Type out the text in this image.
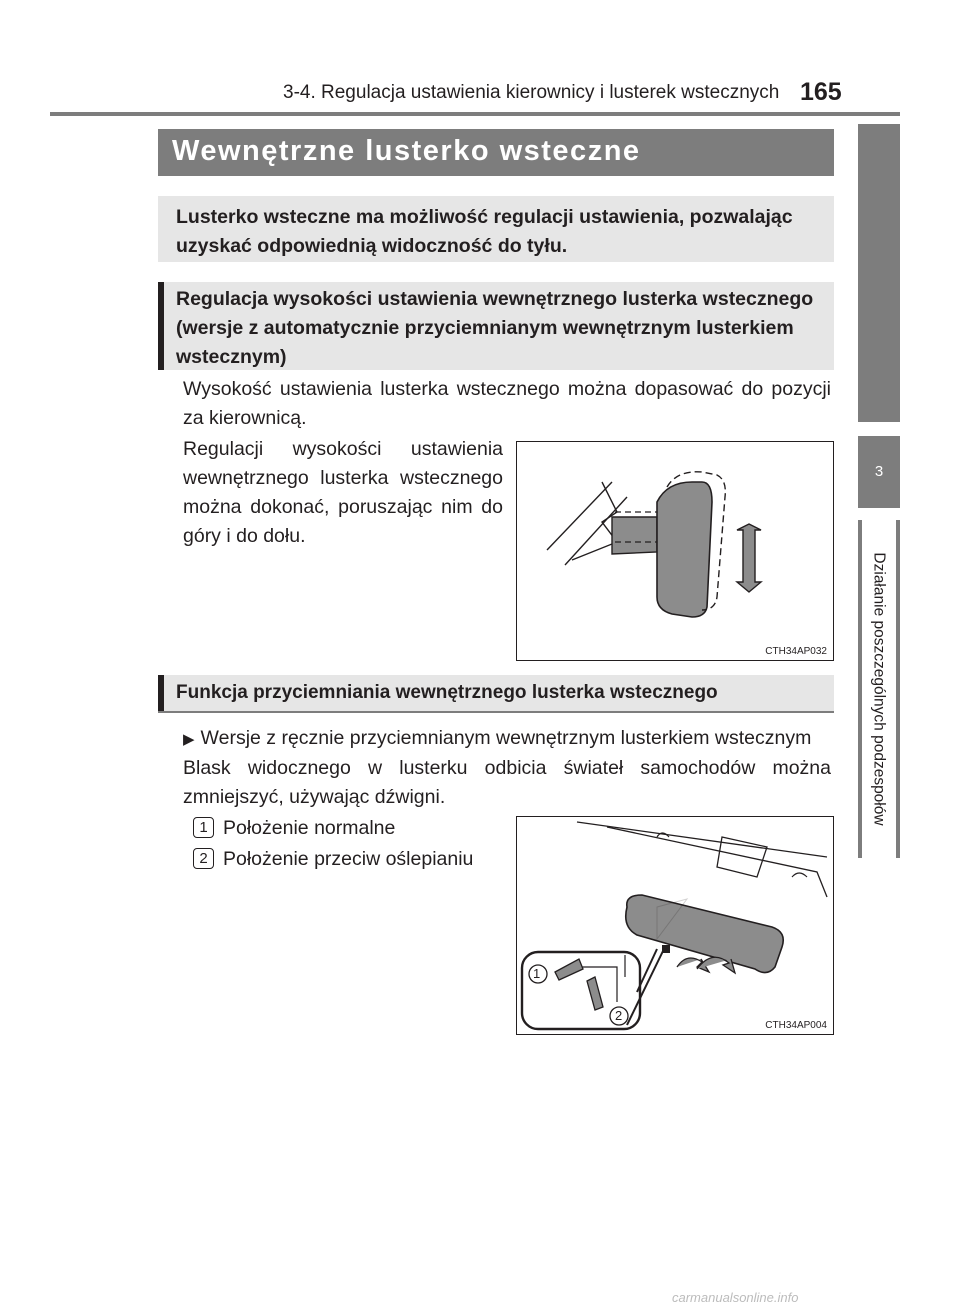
3-4. Regulacja ustawienia kierownicy i lusterek wstecznych 165
3
Działanie poszczególnych podzespołów
Wewnętrzne lusterko wsteczne

Lusterko wsteczne ma możliwość regulacji ustawienia, pozwalając uzyskać odpowiednią widoczność do tyłu.

Regulacja wysokości ustawienia wewnętrznego lusterka wstecznego (wersje z automatycznie przyciemnianym wewnętrznym lusterkiem wstecznym)

Wysokość ustawienia lusterka wstecznego można dopasować do pozycji za kierownicą.

Regulacji wysokości ustawienia wewnętrznego lusterka wstecznego można dokonać, poruszając nim do góry i do dołu.

CTH34AP032

Funkcja przyciemniania wewnętrznego lusterka wstecznego

▶ Wersje z ręcznie przyciemnianym wewnętrznym lusterkiem wstecznym

Blask widocznego w lusterku odbicia świateł samochodów można zmniejszyć, używając dźwigni.

1 Położenie normalne

2 Położenie przeciw oślepianiu

1
2
CTH34AP004
carmanualsonline.info
